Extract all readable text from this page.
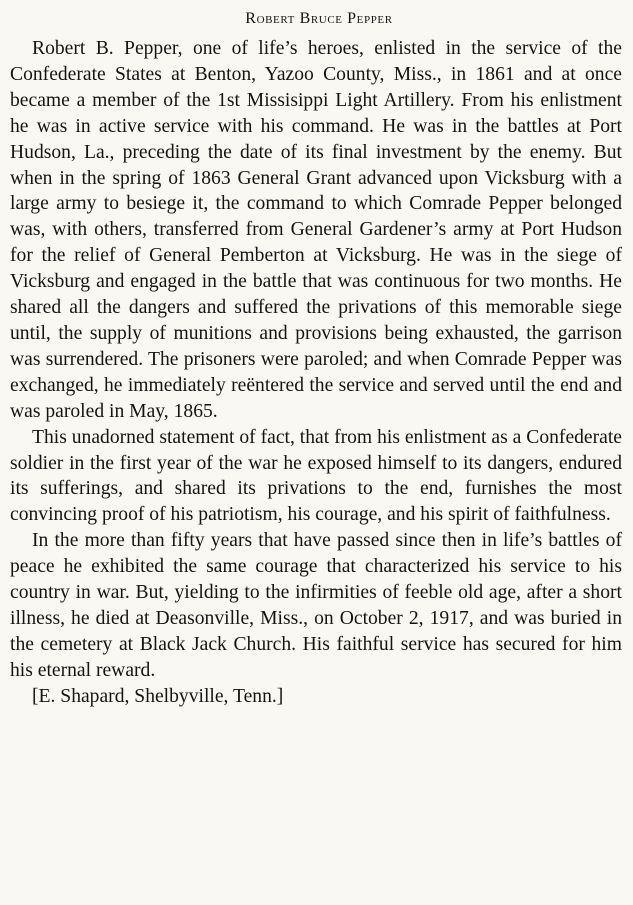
Robert Bruce Pepper

Robert B. Pepper, one of life’s heroes, enlisted in the service of the Confederate States at Benton, Yazoo County, Miss., in 1861 and at once became a member of the 1st Missisippi Light Artillery. From his enlistment he was in active service with his command. He was in the battles at Port Hudson, La., preceding the date of its final investment by the enemy. But when in the spring of 1863 General Grant advanced upon Vicksburg with a large army to besiege it, the command to which Comrade Pepper belonged was, with others, transferred from General Gardener’s army at Port Hudson for the relief of General Pemberton at Vicksburg. He was in the siege of Vicksburg and engaged in the battle that was continuous for two months. He shared all the dangers and suffered the privations of this memorable siege until, the supply of munitions and provisions being exhausted, the garrison was surrendered. The prisoners were paroled; and when Comrade Pepper was exchanged, he immediately reëntered the service and served until the end and was paroled in May, 1865.

This unadorned statement of fact, that from his enlistment as a Confederate soldier in the first year of the war he exposed himself to its dangers, endured its sufferings, and shared its privations to the end, furnishes the most convincing proof of his patriotism, his courage, and his spirit of faithfulness.

In the more than fifty years that have passed since then in life’s battles of peace he exhibited the same courage that characterized his service to his country in war. But, yielding to the infirmities of feeble old age, after a short illness, he died at Deasonville, Miss., on October 2, 1917, and was buried in the cemetery at Black Jack Church. His faithful service has secured for him his eternal reward.

[E. Shapard, Shelbyville, Tenn.]
